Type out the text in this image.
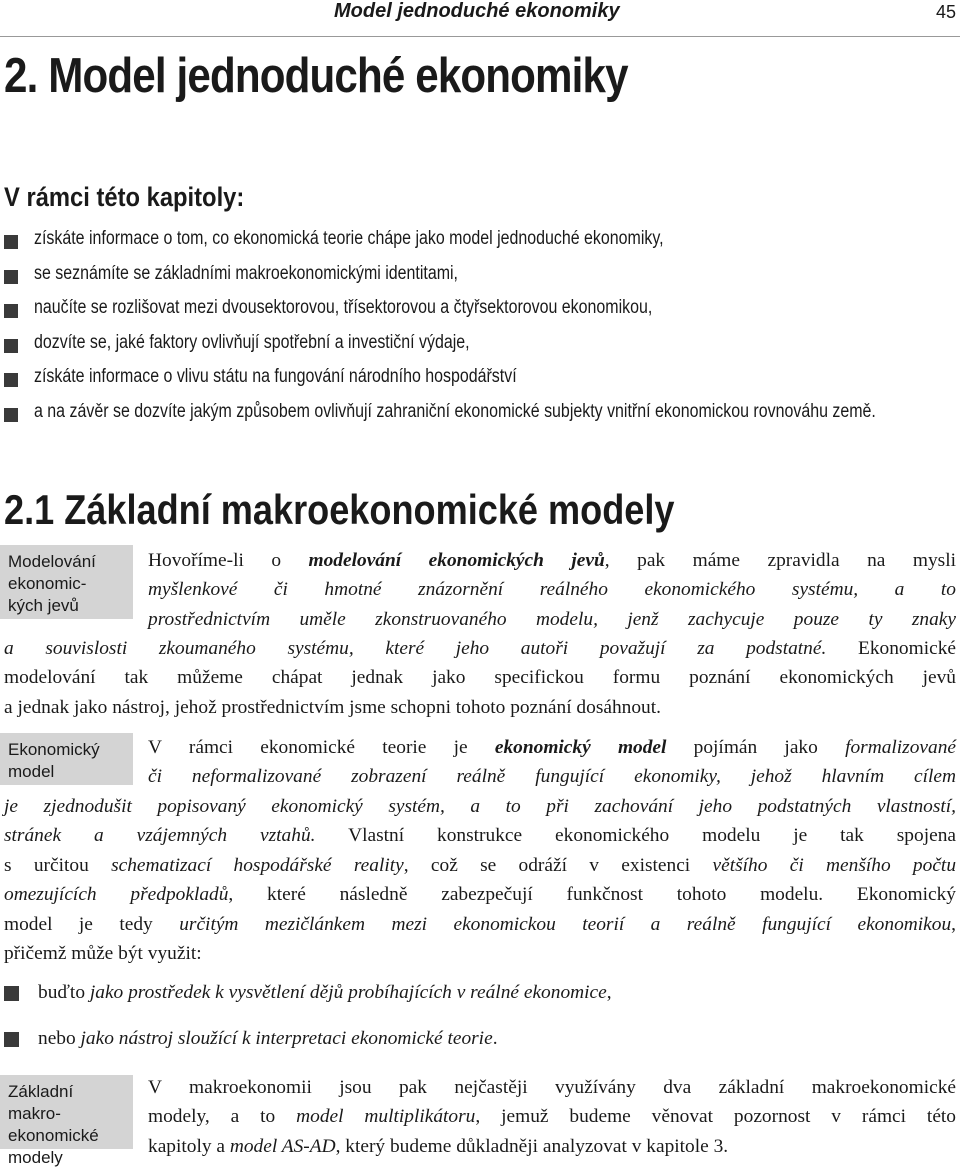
Model jednoduché ekonomiky	45
2. Model jednoduché ekonomiky
V rámci této kapitoly:
získáte informace o tom, co ekonomická teorie chápe jako model jednoduché ekonomiky,
se seznámíte se základními makroekonomickými identitami,
naučíte se rozlišovat mezi dvousektorovou, třísektorovou a čtyřsektorovou ekonomikou,
dozvíte se, jaké faktory ovlivňují spotřební a investiční výdaje,
získáte informace o vlivu státu na fungování národního hospodářství
a na závěr se dozvíte jakým způsobem ovlivňují zahraniční ekonomické subjekty vnitřní ekonomickou rovnováhu země.
2.1 Základní makroekonomické modely
Modelování ekonomic-kých jevů
Hovoříme-li o modelování ekonomických jevů, pak máme zpravidla na mysli
myšlenkové či hmotné znázornění reálného ekonomického systému, a to
prostřednictvím uměle zkonstruovaného modelu, jenž zachycuje pouze ty znaky
a souvislosti zkoumaného systému, které jeho autoři považují za podstatné. Ekonomické
modelování tak můžeme chápat jednak jako specifickou formu poznání ekonomických jevů
a jednak jako nástroj, jehož prostřednictvím jsme schopni tohoto poznání dosáhnout.
Ekonomický model
V rámci ekonomické teorie je ekonomický model pojímán jako formalizované
či neformalizované zobrazení reálně fungující ekonomiky, jehož hlavním cílem
je zjednodušit popisovaný ekonomický systém, a to při zachování jeho podstatných vlastností,
stránek a vzájemných vztahů. Vlastní konstrukce ekonomického modelu je tak spojena
s určitou schematizací hospodářské reality, což se odráží v existenci většího či menšího počtu
omezujících předpokladů, které následně zabezpečují funkčnost tohoto modelu. Ekonomický
model je tedy určitým mezičlánkem mezi ekonomickou teorií a reálně fungující ekonomikou,
přičemž může být využit:
buďto jako prostředek k vysvětlení dějů probíhajících v reálné ekonomice,
nebo jako nástroj sloužící k interpretaci ekonomické teorie.
Základní makro-ekonomické modely
V makroekonomii jsou pak nejčastěji využívány dva základní makroekonomické
modely, a to model multiplikátoru, jemuž budeme věnovat pozornost v rámci této
kapitoly a model AS-AD, který budeme důkladněji analyzovat v kapitole 3.
